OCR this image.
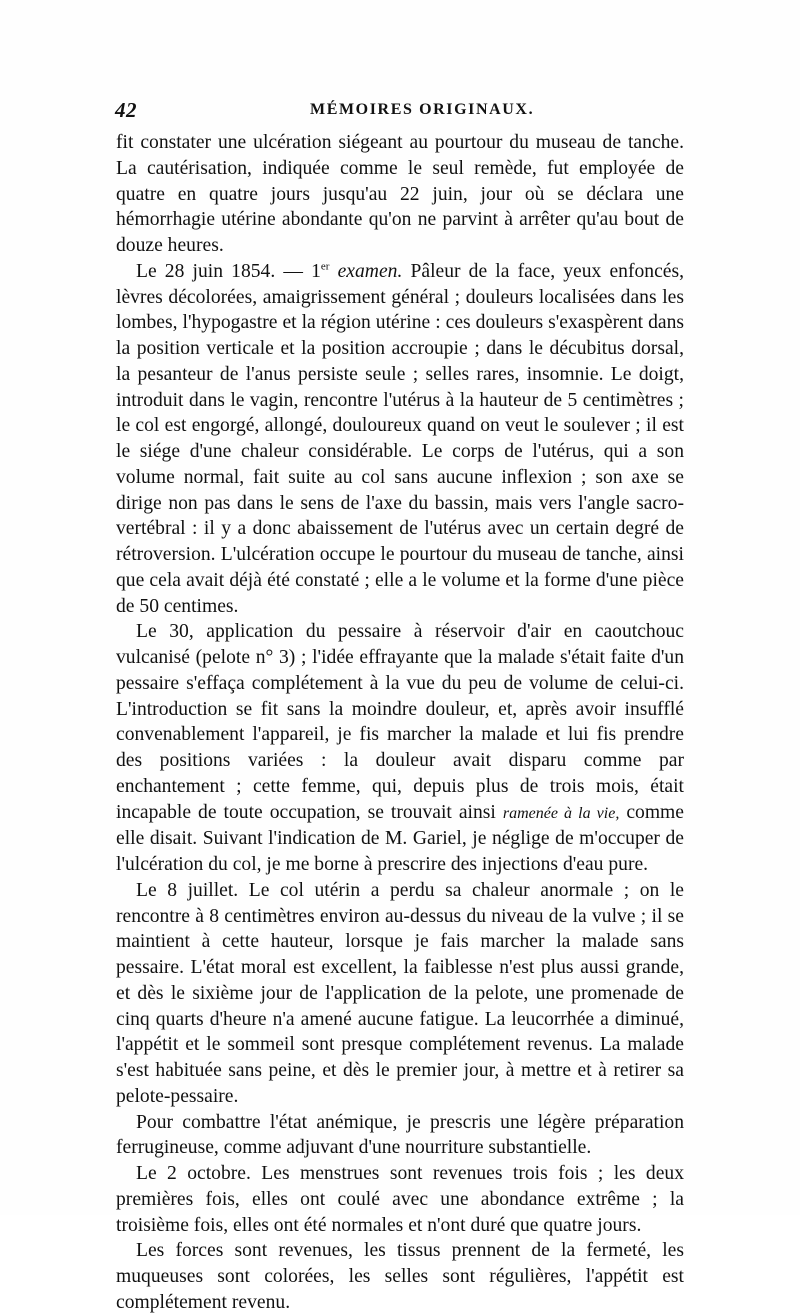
42	MÉMOIRES ORIGINAUX.

fit constater une ulcération siégeant au pourtour du museau de tanche. La cautérisation, indiquée comme le seul remède, fut employée de quatre en quatre jours jusqu'au 22 juin, jour où se déclara une hémorrhagie utérine abondante qu'on ne parvint à arrêter qu'au bout de douze heures.

Le 28 juin 1854. — 1er examen. Pâleur de la face, yeux enfoncés, lèvres décolorées, amaigrissement général ; douleurs localisées dans les lombes, l'hypogastre et la région utérine : ces douleurs s'exaspèrent dans la position verticale et la position accroupie ; dans le décubitus dorsal, la pesanteur de l'anus persiste seule ; selles rares, insomnie. Le doigt, introduit dans le vagin, rencontre l'utérus à la hauteur de 5 centimètres ; le col est engorgé, allongé, douloureux quand on veut le soulever ; il est le siége d'une chaleur considérable. Le corps de l'utérus, qui a son volume normal, fait suite au col sans aucune inflexion ; son axe se dirige non pas dans le sens de l'axe du bassin, mais vers l'angle sacro-vertébral : il y a donc abaissement de l'utérus avec un certain degré de rétroversion. L'ulcération occupe le pourtour du museau de tanche, ainsi que cela avait déjà été constaté ; elle a le volume et la forme d'une pièce de 50 centimes.

Le 30, application du pessaire à réservoir d'air en caoutchouc vulcanisé (pelote n° 3) ; l'idée effrayante que la malade s'était faite d'un pessaire s'effaça complétement à la vue du peu de volume de celui-ci. L'introduction se fit sans la moindre douleur, et, après avoir insufflé convenablement l'appareil, je fis marcher la malade et lui fis prendre des positions variées : la douleur avait disparu comme par enchantement ; cette femme, qui, depuis plus de trois mois, était incapable de toute occupation, se trouvait ainsi ramenée à la vie, comme elle disait. Suivant l'indication de M. Gariel, je néglige de m'occuper de l'ulcération du col, je me borne à prescrire des injections d'eau pure.

Le 8 juillet. Le col utérin a perdu sa chaleur anormale ; on le rencontre à 8 centimètres environ au-dessus du niveau de la vulve ; il se maintient à cette hauteur, lorsque je fais marcher la malade sans pessaire. L'état moral est excellent, la faiblesse n'est plus aussi grande, et dès le sixième jour de l'application de la pelote, une promenade de cinq quarts d'heure n'a amené aucune fatigue. La leucorrhée a diminué, l'appétit et le sommeil sont presque complétement revenus. La malade s'est habituée sans peine, et dès le premier jour, à mettre et à retirer sa pelote-pessaire.

Pour combattre l'état anémique, je prescris une légère préparation ferrugineuse, comme adjuvant d'une nourriture substantielle.

Le 2 octobre. Les menstrues sont revenues trois fois ; les deux premières fois, elles ont coulé avec une abondance extrême ; la troisième fois, elles ont été normales et n'ont duré que quatre jours.

Les forces sont revenues, les tissus prennent de la fermeté, les muqueuses sont colorées, les selles sont régulières, l'appétit est complétement revenu.
